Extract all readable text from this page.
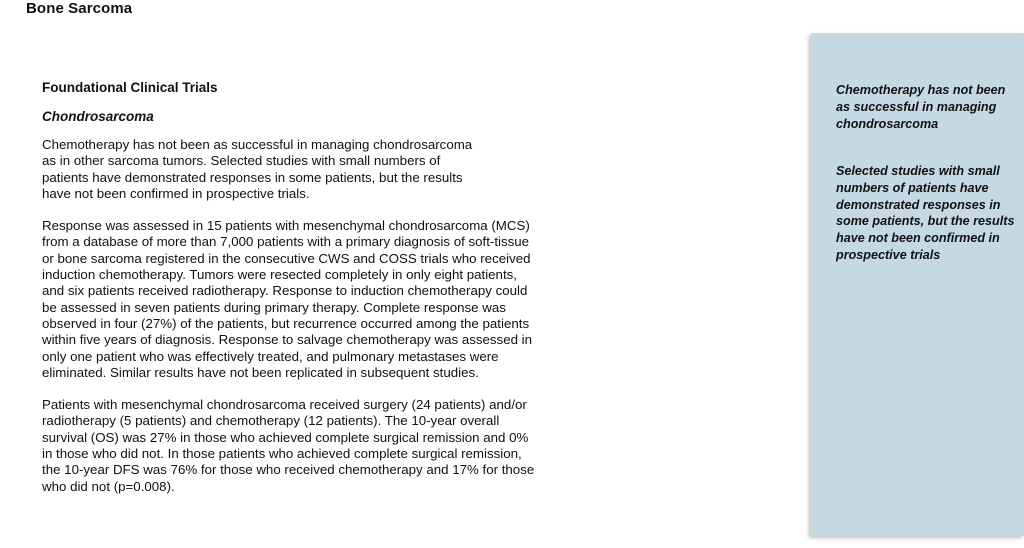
Bone Sarcoma
Foundational Clinical Trials
Chondrosarcoma

Chemotherapy has not been as successful in managing chondrosarcoma as in other sarcoma tumors. Selected studies with small numbers of patients have demonstrated responses in some patients, but the results have not been confirmed in prospective trials.

Response was assessed in 15 patients with mesenchymal chondrosarcoma (MCS) from a database of more than 7,000 patients with a primary diagnosis of soft-tissue or bone sarcoma registered in the consecutive CWS and COSS trials who received induction chemotherapy. Tumors were resected completely in only eight patients, and six patients received radiotherapy. Response to induction chemotherapy could be assessed in seven patients during primary therapy. Complete response was observed in four (27%) of the patients, but recurrence occurred among the patients within five years of diagnosis. Response to salvage chemotherapy was assessed in only one patient who was effectively treated, and pulmonary metastases were eliminated. Similar results have not been replicated in subsequent studies.

Patients with mesenchymal chondrosarcoma received surgery (24 patients) and/or radiotherapy (5 patients) and chemotherapy (12 patients). The 10-year overall survival (OS) was 27% in those who achieved complete surgical remission and 0% in those who did not. In those patients who achieved complete surgical remission, the 10-year DFS was 76% for those who received chemotherapy and 17% for those who did not (p=0.008).

Chemotherapy has not been as successful in managing chondrosarcoma

Selected studies with small numbers of patients have demonstrated responses in some patients, but the results have not been confirmed in prospective trials
